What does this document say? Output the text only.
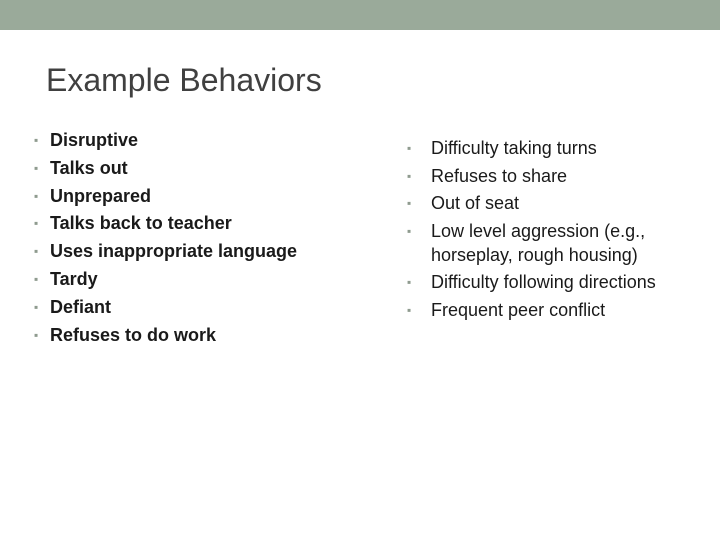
Example Behaviors
▪ Disruptive
▪ Talks out
▪ Unprepared
▪ Talks back to teacher
▪ Uses inappropriate language
▪ Tardy
▪ Defiant
▪ Refuses to do work
▪ Difficulty taking turns
▪ Refuses to share
▪ Out of seat
▪ Low level aggression (e.g., horseplay, rough housing)
▪ Difficulty following directions
▪ Frequent peer conflict
